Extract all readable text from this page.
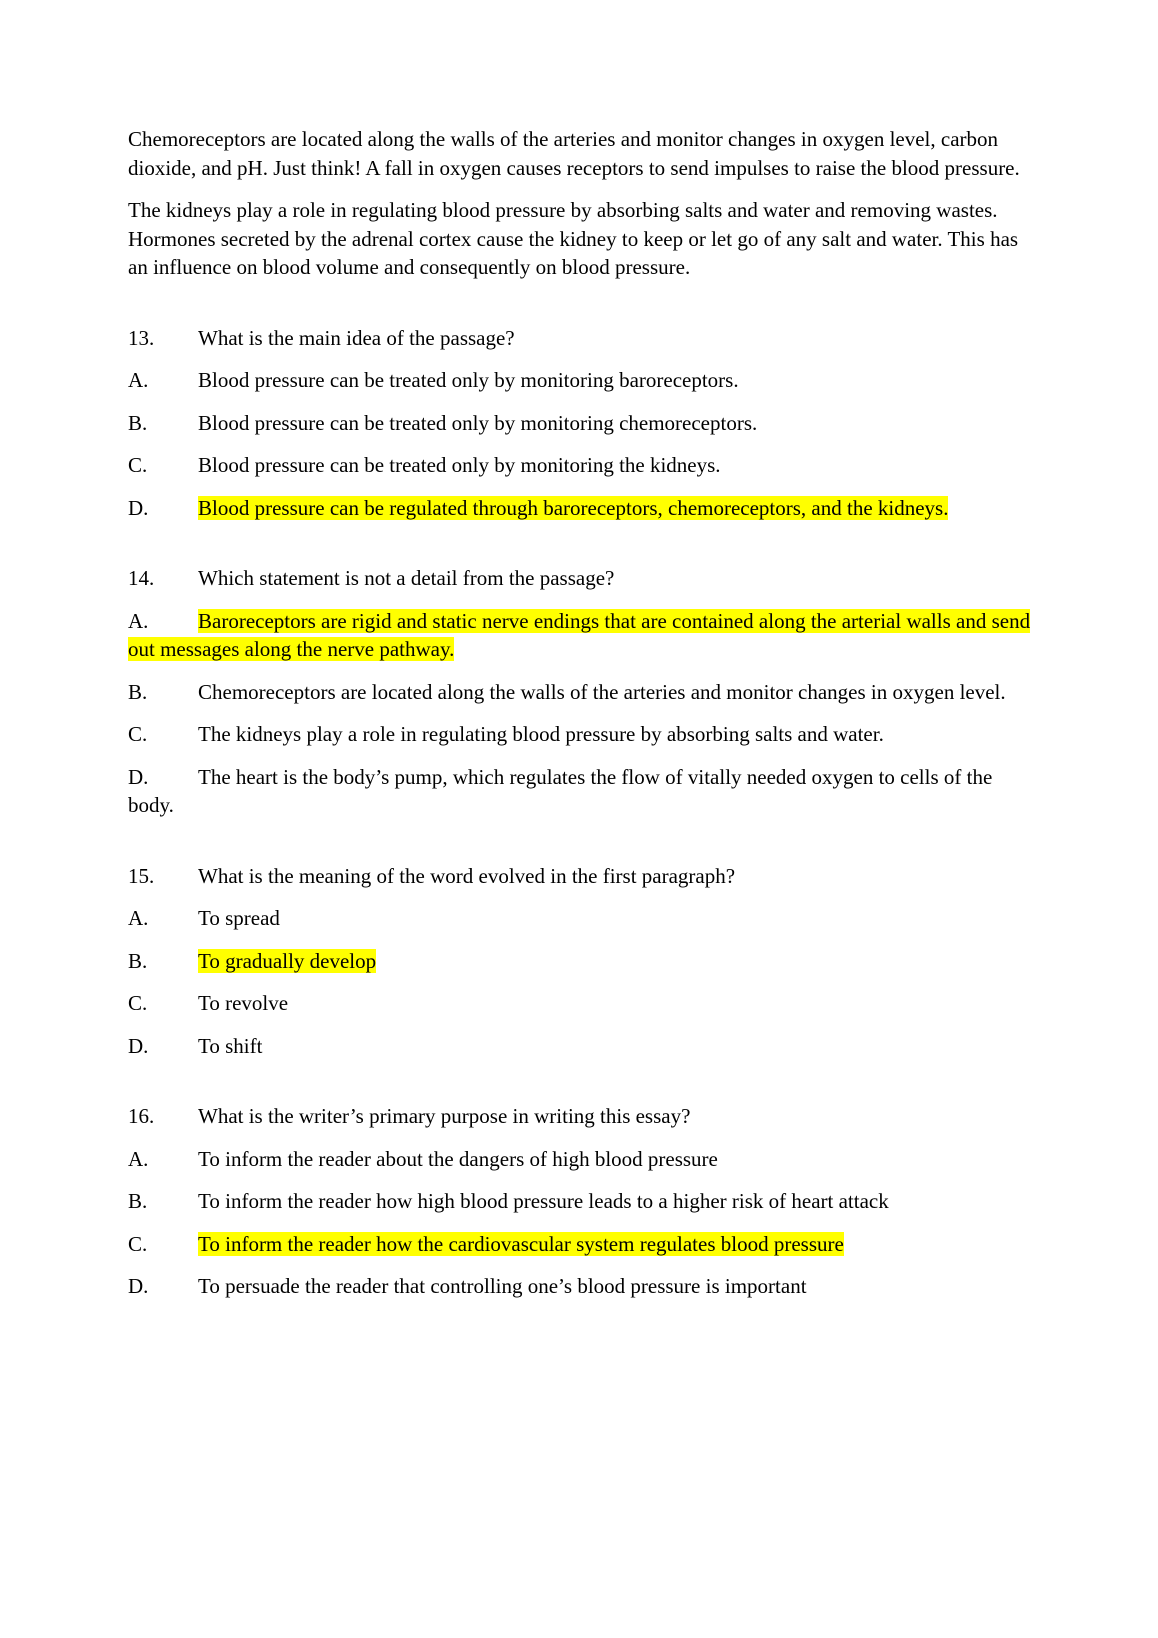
Chemoreceptors are located along the walls of the arteries and monitor changes in oxygen level, carbon dioxide, and pH. Just think! A fall in oxygen causes receptors to send impulses to raise the blood pressure.

The kidneys play a role in regulating blood pressure by absorbing salts and water and removing wastes. Hormones secreted by the adrenal cortex cause the kidney to keep or let go of any salt and water. This has an influence on blood volume and consequently on blood pressure.

13. What is the main idea of the passage?

A. Blood pressure can be treated only by monitoring baroreceptors.

B. Blood pressure can be treated only by monitoring chemoreceptors.

C. Blood pressure can be treated only by monitoring the kidneys.

D. Blood pressure can be regulated through baroreceptors, chemoreceptors, and the kidneys.

14. Which statement is not a detail from the passage?

A. Baroreceptors are rigid and static nerve endings that are contained along the arterial walls and send out messages along the nerve pathway.

B. Chemoreceptors are located along the walls of the arteries and monitor changes in oxygen level.

C. The kidneys play a role in regulating blood pressure by absorbing salts and water.

D. The heart is the body’s pump, which regulates the flow of vitally needed oxygen to cells of the body.

15. What is the meaning of the word evolved in the first paragraph?

A. To spread

B. To gradually develop

C. To revolve

D. To shift

16. What is the writer’s primary purpose in writing this essay?

A. To inform the reader about the dangers of high blood pressure

B. To inform the reader how high blood pressure leads to a higher risk of heart attack

C. To inform the reader how the cardiovascular system regulates blood pressure

D. To persuade the reader that controlling one’s blood pressure is important
